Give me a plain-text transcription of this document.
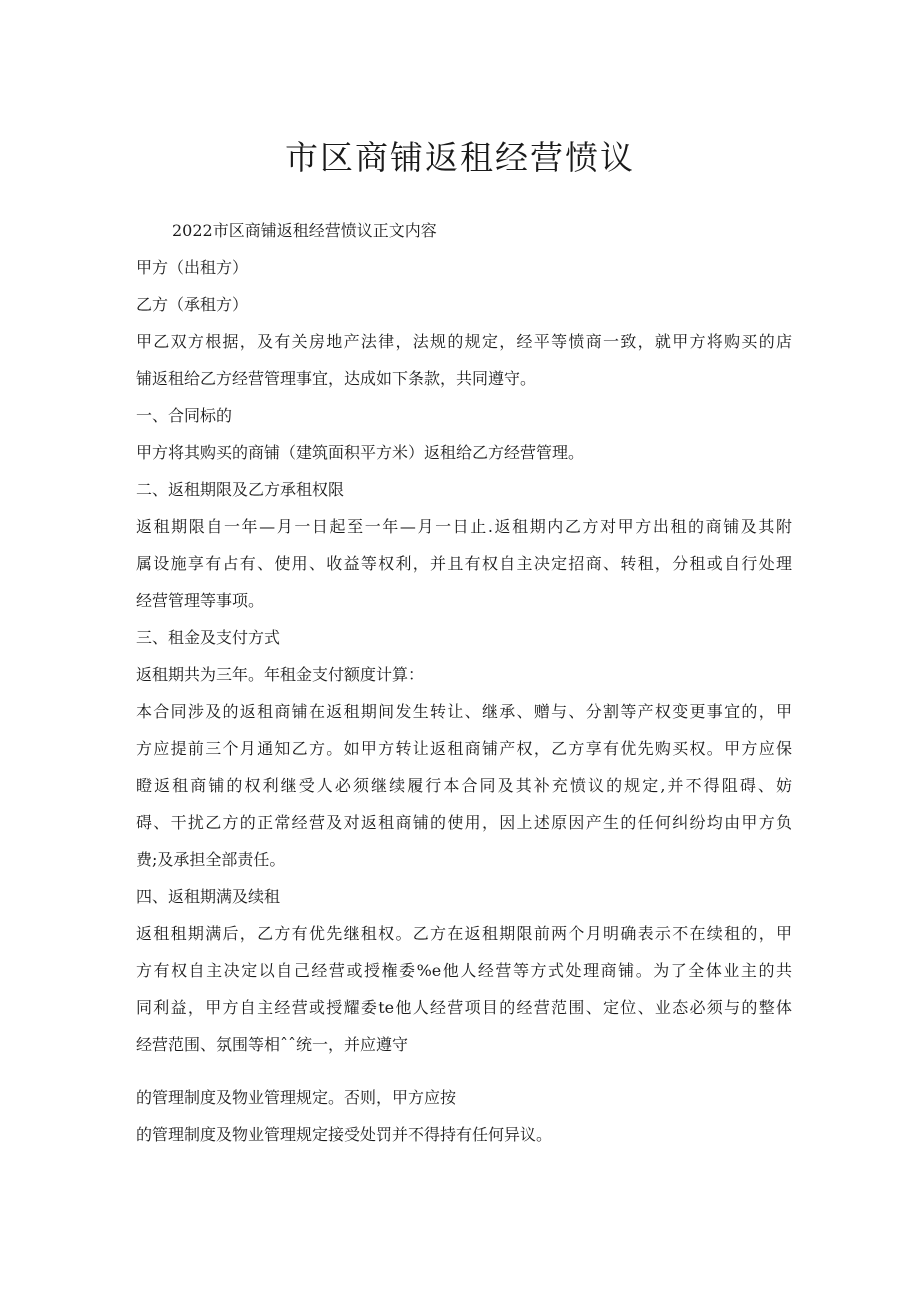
市区商铺返租经营愤议
2022市区商铺返租经营愤议正文内容
甲方（出租方）
乙方（承租方）
甲乙双方根据，及有关房地产法律，法规的规定，经平等愤商一致，就甲方将购买的店
铺返租给乙方经营管理事宜，达成如下条款，共同遵守。
一、合同标的
甲方将其购买的商铺（建筑面积平方米）返租给乙方经营管理。
二、返租期限及乙方承租权限
返租期限自一年—月一日起至一年—月一日止.返租期内乙方对甲方出租的商铺及其附
属设施享有占有、使用、收益等权利，并且有权自主决定招商、转租，分租或自行处理
经营管理等事项。
三、租金及支付方式
返租期共为三年。年租金支付额度计算：
本合同涉及的返租商铺在返租期间发生转让、继承、赠与、分割等产权变更事宜的，甲
方应提前三个月通知乙方。如甲方转让返租商铺产权，乙方享有优先购买权。甲方应保
瞪返租商铺的权利继受人必须继续履行本合同及其补充愤议的规定,并不得阻碍、妨
碍、干扰乙方的正常经营及对返租商铺的使用，因上述原因产生的任何纠纷均由甲方负
费;及承担全部责任。
四、返租期满及续租
返租租期满后，乙方有优先继租权。乙方在返租期限前两个月明确表示不在续租的，甲
方有权自主决定以自己经营或授権委%e他人经营等方式处理商铺。为了全体业主的共
同利益，甲方自主经营或授耀委te他人经营项目的经营范围、定位、业态必须与的整体
经营范围、氛围等相ˆˆ统一，并应遵守
的管理制度及物业管理规定。否则，甲方应按
的管理制度及物业管理规定接受处罚并不得持有任何异议。
